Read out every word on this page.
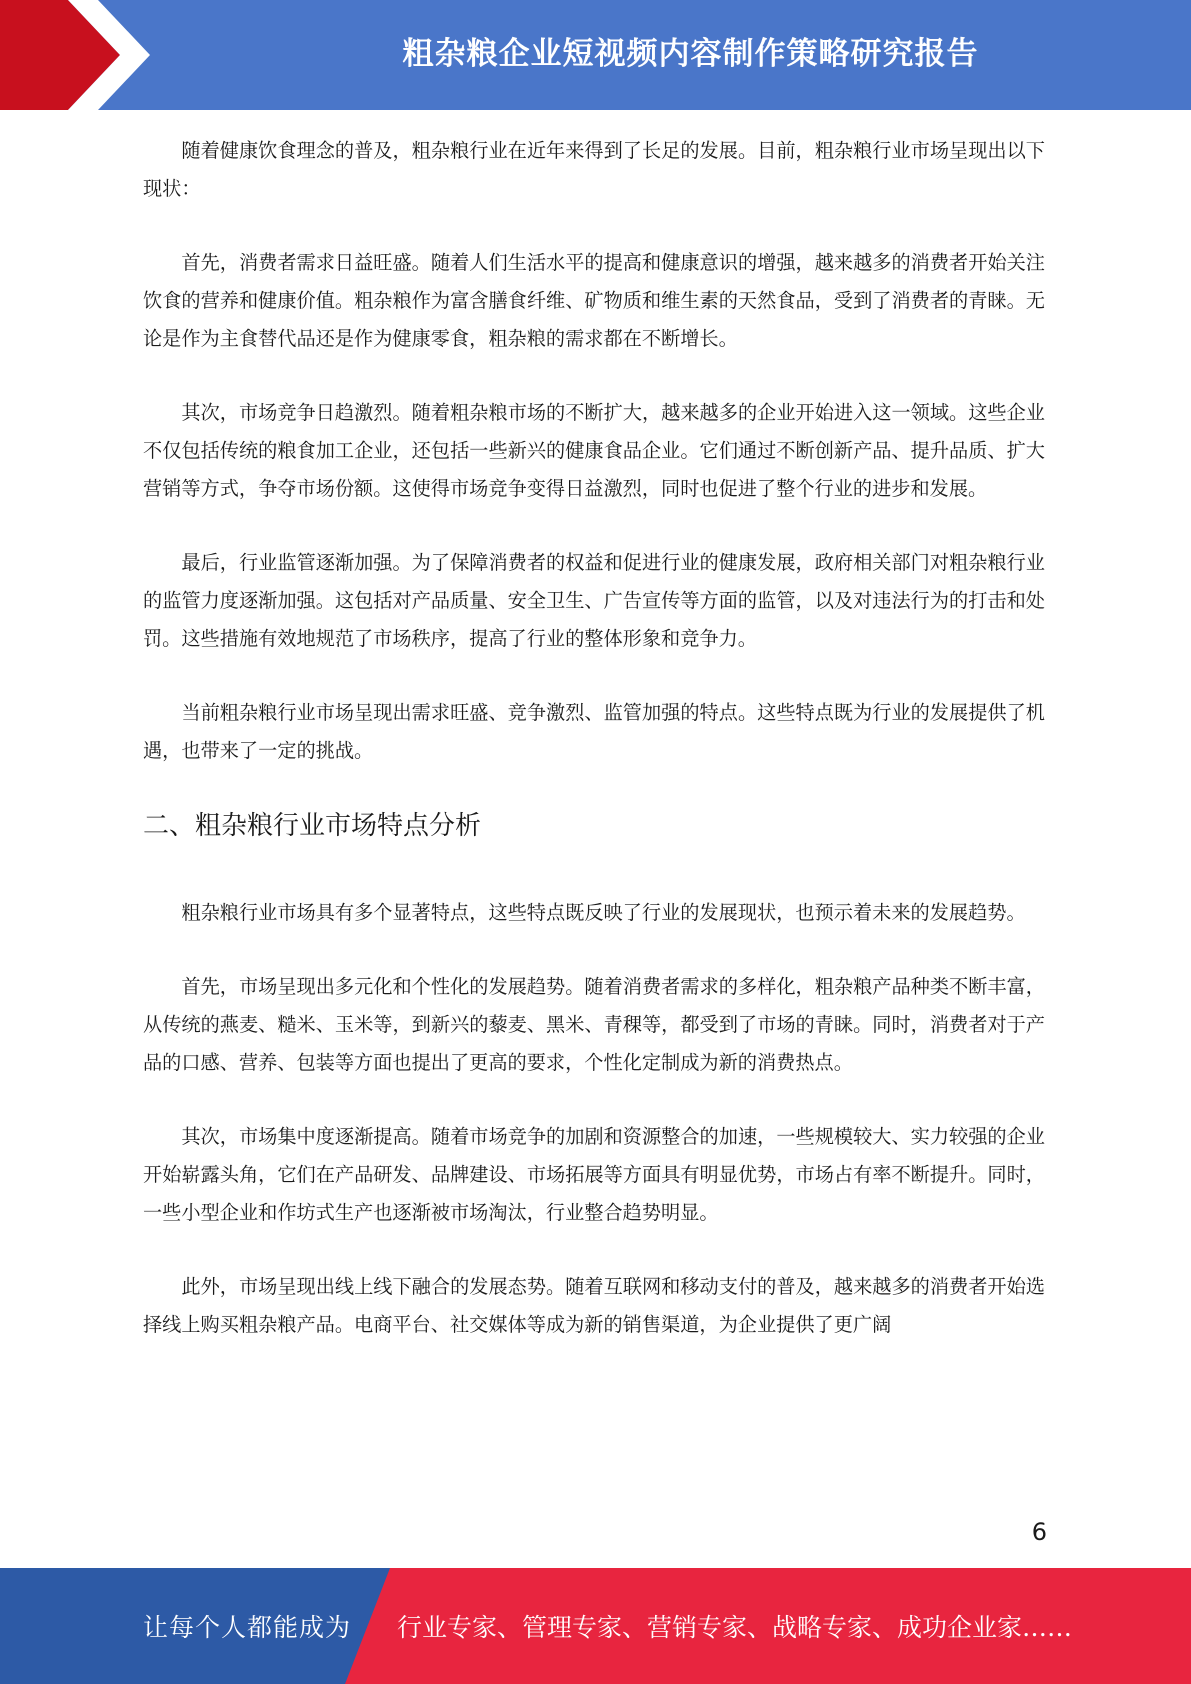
粗杂粮企业短视频内容制作策略研究报告

随着健康饮食理念的普及，粗杂粮行业在近年来得到了长足的发展。目前，粗杂粮行业市场呈现出以下现状：

首先，消费者需求日益旺盛。随着人们生活水平的提高和健康意识的增强，越来越多的消费者开始关注饮食的营养和健康价值。粗杂粮作为富含膳食纤维、矿物质和维生素的天然食品，受到了消费者的青睐。无论是作为主食替代品还是作为健康零食，粗杂粮的需求都在不断增长。

其次，市场竞争日趋激烈。随着粗杂粮市场的不断扩大，越来越多的企业开始进入这一领域。这些企业不仅包括传统的粮食加工企业，还包括一些新兴的健康食品企业。它们通过不断创新产品、提升品质、扩大营销等方式，争夺市场份额。这使得市场竞争变得日益激烈，同时也促进了整个行业的进步和发展。

最后，行业监管逐渐加强。为了保障消费者的权益和促进行业的健康发展，政府相关部门对粗杂粮行业的监管力度逐渐加强。这包括对产品质量、安全卫生、广告宣传等方面的监管，以及对违法行为的打击和处罚。这些措施有效地规范了市场秩序，提高了行业的整体形象和竞争力。

当前粗杂粮行业市场呈现出需求旺盛、竞争激烈、监管加强的特点。这些特点既为行业的发展提供了机遇，也带来了一定的挑战。

二、粗杂粮行业市场特点分析

粗杂粮行业市场具有多个显著特点，这些特点既反映了行业的发展现状，也预示着未来的发展趋势。

首先，市场呈现出多元化和个性化的发展趋势。随着消费者需求的多样化，粗杂粮产品种类不断丰富，从传统的燕麦、糙米、玉米等，到新兴的藜麦、黑米、青稞等，都受到了市场的青睐。同时，消费者对于产品的口感、营养、包装等方面也提出了更高的要求，个性化定制成为新的消费热点。

其次，市场集中度逐渐提高。随着市场竞争的加剧和资源整合的加速，一些规模较大、实力较强的企业开始崭露头角，它们在产品研发、品牌建设、市场拓展等方面具有明显优势，市场占有率不断提升。同时，一些小型企业和作坊式生产也逐渐被市场淘汰，行业整合趋势明显。

此外，市场呈现出线上线下融合的发展态势。随着互联网和移动支付的普及，越来越多的消费者开始选择线上购买粗杂粮产品。电商平台、社交媒体等成为新的销售渠道，为企业提供了更广阔

6
让每个人都能成为 行业专家、管理专家、营销专家、战略专家、成功企业家……
